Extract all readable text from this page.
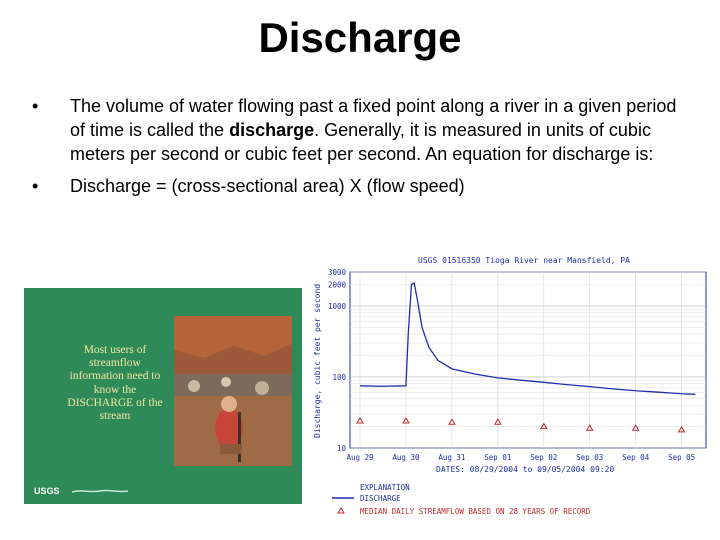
Discharge
• The volume of water flowing past a fixed point along a river in a given period of time is called the discharge. Generally, it is measured in units of cubic meters per second or cubic feet per second. An equation for discharge is:
• Discharge = (cross-sectional area) X (flow speed)
Most users of
streamflow
information need to
know the
DISCHARGE of the
stream
USGS
USGS 01516350 Tioga River near Mansfield, PA
3000
2000
1000
100
10
Aug 29	Aug 30	Aug 31	Sep 01	Sep 02	Sep 03	Sep 04	Sep 05
Discharge, cubic feet per second
DATES: 08/29/2004 to 09/05/2004 09:20
EXPLANATION
DISCHARGE
MEDIAN DAILY STREAMFLOW BASED ON 28 YEARS OF RECORD
